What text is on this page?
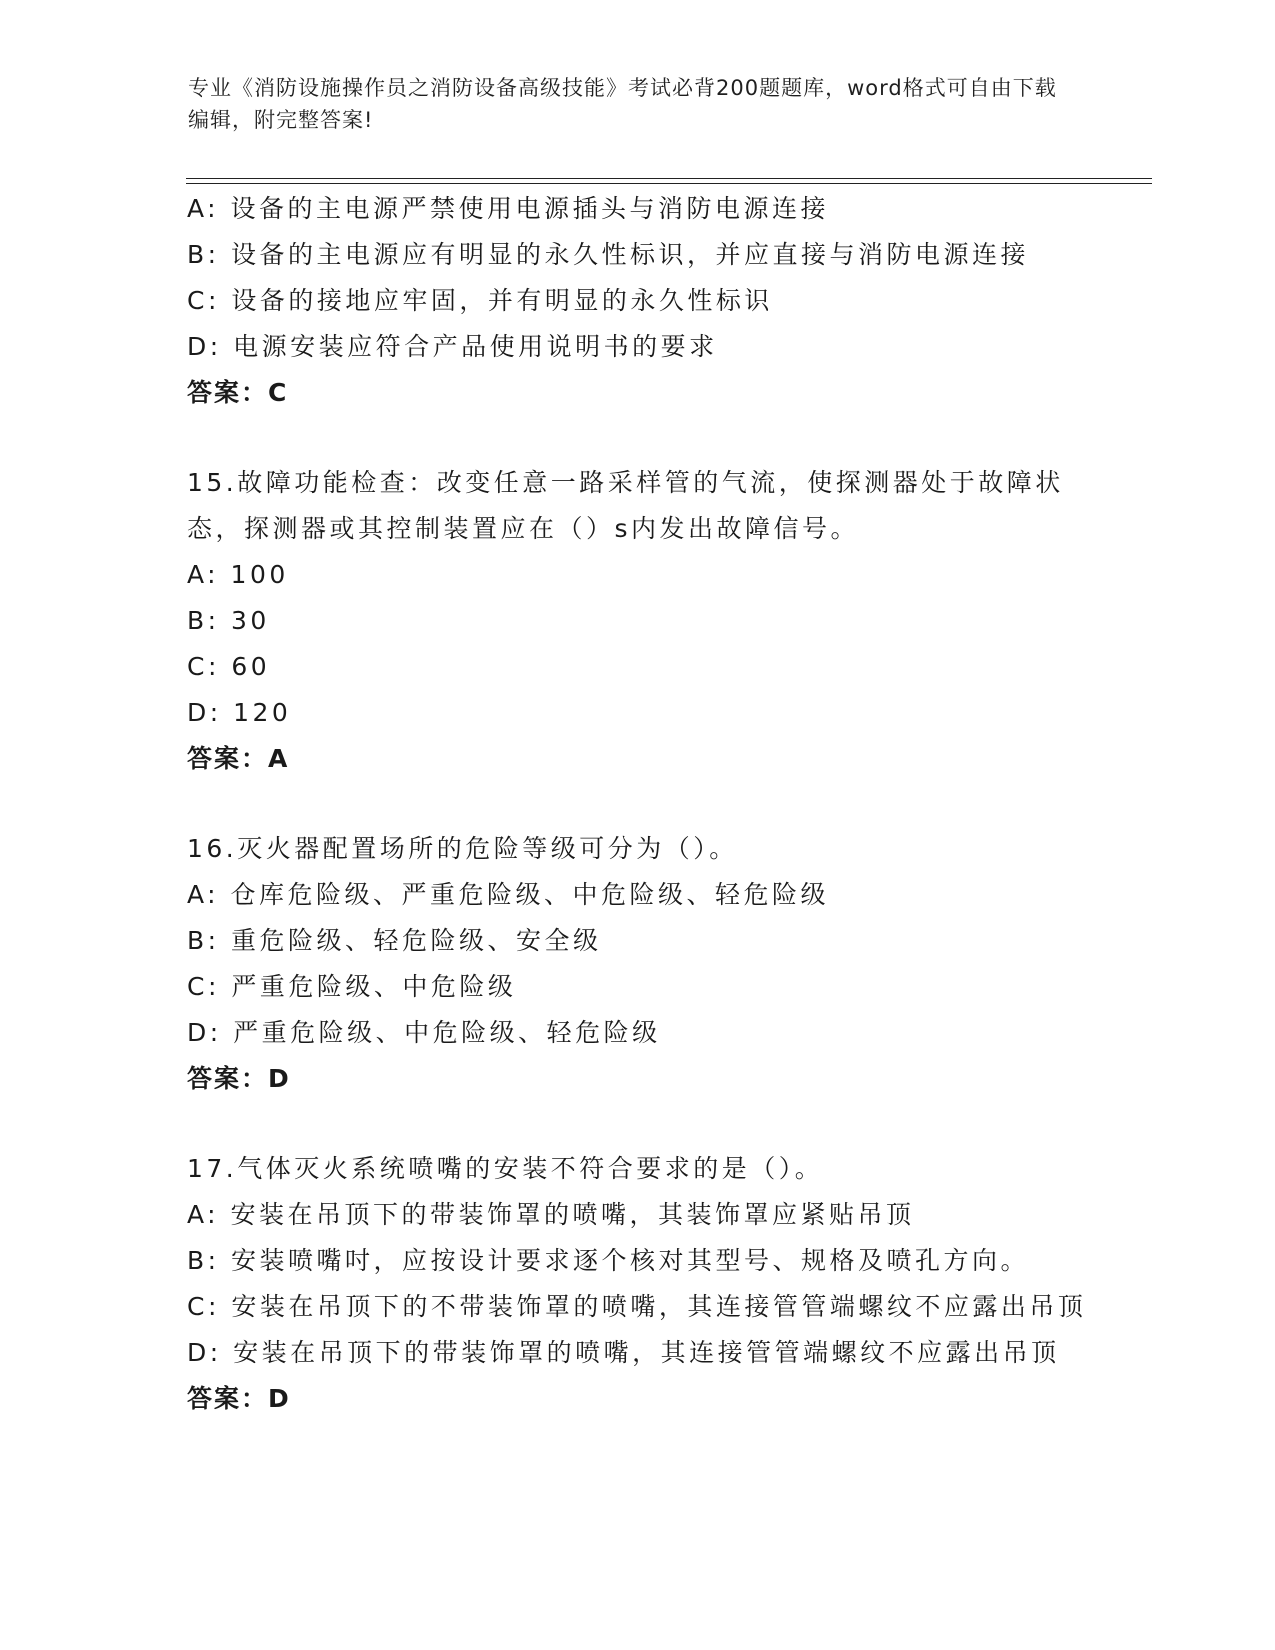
专业《消防设施操作员之消防设备高级技能》考试必背200题题库，word格式可自由下载编辑，附完整答案!
A: 设备的主电源严禁使用电源插头与消防电源连接
B: 设备的主电源应有明显的永久性标识，并应直接与消防电源连接
C: 设备的接地应牢固，并有明显的永久性标识
D: 电源安装应符合产品使用说明书的要求
答案：C
15.故障功能检查：改变任意一路采样管的气流，使探测器处于故障状态，探测器或其控制装置应在（）s内发出故障信号。
A: 100
B: 30
C: 60
D: 120
答案：A
16.灭火器配置场所的危险等级可分为（）。
A: 仓库危险级、严重危险级、中危险级、轻危险级
B: 重危险级、轻危险级、安全级
C: 严重危险级、中危险级
D: 严重危险级、中危险级、轻危险级
答案：D
17.气体灭火系统喷嘴的安装不符合要求的是（）。
A: 安装在吊顶下的带装饰罩的喷嘴，其装饰罩应紧贴吊顶
B: 安装喷嘴吋，应按设计要求逐个核对其型号、规格及喷孔方向。
C: 安装在吊顶下的不带装饰罩的喷嘴，其连接管管端螺纹不应露出吊顶
D: 安装在吊顶下的带装饰罩的喷嘴，其连接管管端螺纹不应露出吊顶
答案：D
